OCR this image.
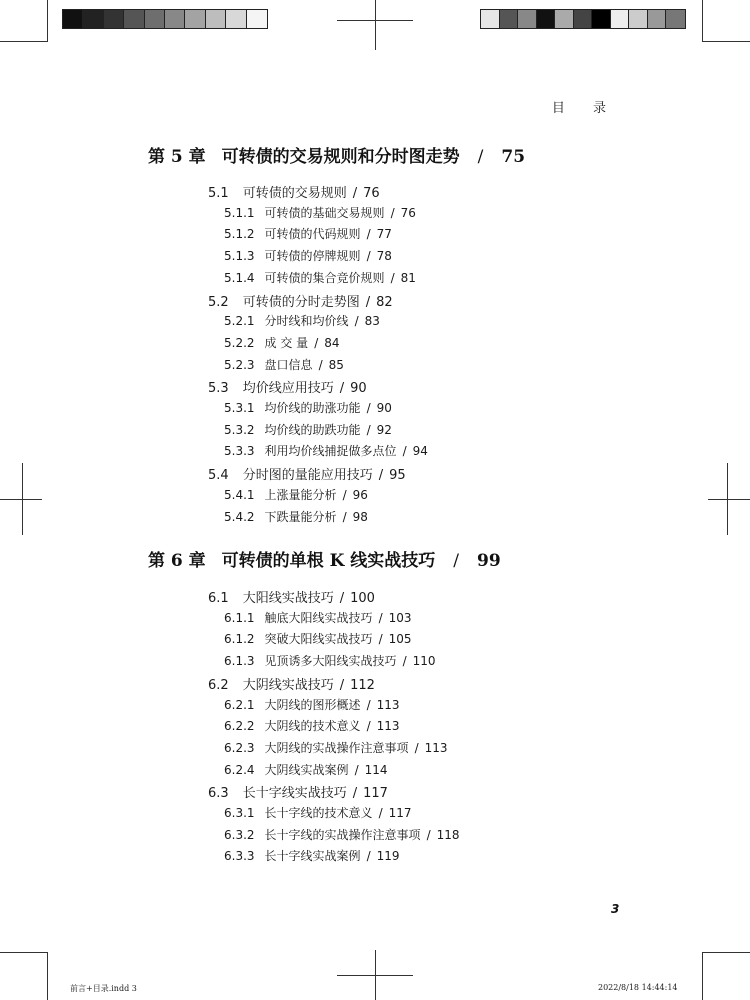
目 录
第 5 章 可转债的交易规则和分时图走势 / 75
5.1 可转债的交易规则 / 76
5.1.1 可转债的基础交易规则 / 76
5.1.2 可转债的代码规则 / 77
5.1.3 可转债的停牌规则 / 78
5.1.4 可转债的集合竞价规则 / 81
5.2 可转债的分时走势图 / 82
5.2.1 分时线和均价线 / 83
5.2.2 成 交 量 / 84
5.2.3 盘口信息 / 85
5.3 均价线应用技巧 / 90
5.3.1 均价线的助涨功能 / 90
5.3.2 均价线的助跌功能 / 92
5.3.3 利用均价线捕捉做多点位 / 94
5.4 分时图的量能应用技巧 / 95
5.4.1 上涨量能分析 / 96
5.4.2 下跌量能分析 / 98
第 6 章 可转债的单根 K 线实战技巧 / 99
6.1 大阳线实战技巧 / 100
6.1.1 触底大阳线实战技巧 / 103
6.1.2 突破大阳线实战技巧 / 105
6.1.3 见顶诱多大阳线实战技巧 / 110
6.2 大阴线实战技巧 / 112
6.2.1 大阴线的图形概述 / 113
6.2.2 大阴线的技术意义 / 113
6.2.3 大阴线的实战操作注意事项 / 113
6.2.4 大阴线实战案例 / 114
6.3 长十字线实战技巧 / 117
6.3.1 长十字线的技术意义 / 117
6.3.2 长十字线的实战操作注意事项 / 118
6.3.3 长十字线实战案例 / 119
3
前言+目录.indd 3	2022/8/18 14:44:14
